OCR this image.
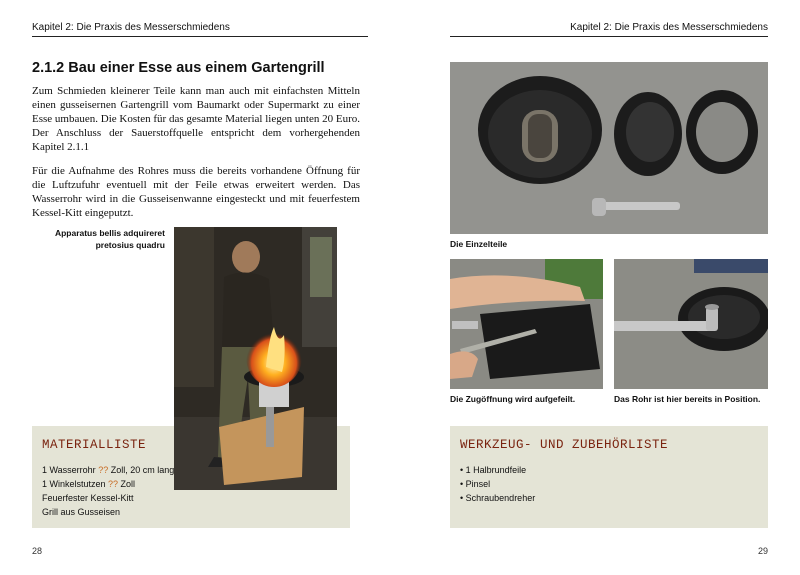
Kapitel 2: Die Praxis des Messerschmiedens
2.1.2 Bau einer Esse aus einem Gartengrill

Zum Schmieden kleinerer Teile kann man auch mit einfachsten Mitteln einen gusseisernen Gartengrill vom Baumarkt oder Supermarkt zu einer Esse umbauen. Die Kosten für das gesamte Material liegen unten 20 Euro. Der Anschluss der Sauerstoffquelle entspricht dem vorhergehenden Kapitel 2.1.1

Für die Aufnahme des Rohres muss die bereits vorhandene Öffnung für die Luftzufuhr eventuell mit der Feile etwas erweitert werden. Das Wasserrohr wird in die Gusseisenwanne eingesteckt und mit feuerfestem Kessel-Kitt eingeputzt.

Apparatus bellis adquireret
pretosius quadru
MATERIALLISTE
1 Wasserrohr ?? Zoll, 20 cm lang
1 Winkelstutzen ?? Zoll
Feuerfester Kessel-Kitt
Grill aus Gusseisen
28
Kapitel 2: Die Praxis des Messerschmiedens
Die Einzelteile
Die Zugöffnung wird aufgefeilt.	Das Rohr ist hier bereits in Position.
WERKZEUG- UND ZUBEHÖRLISTE
• 1 Halbrundfeile
• Pinsel
• Schraubendreher
29
